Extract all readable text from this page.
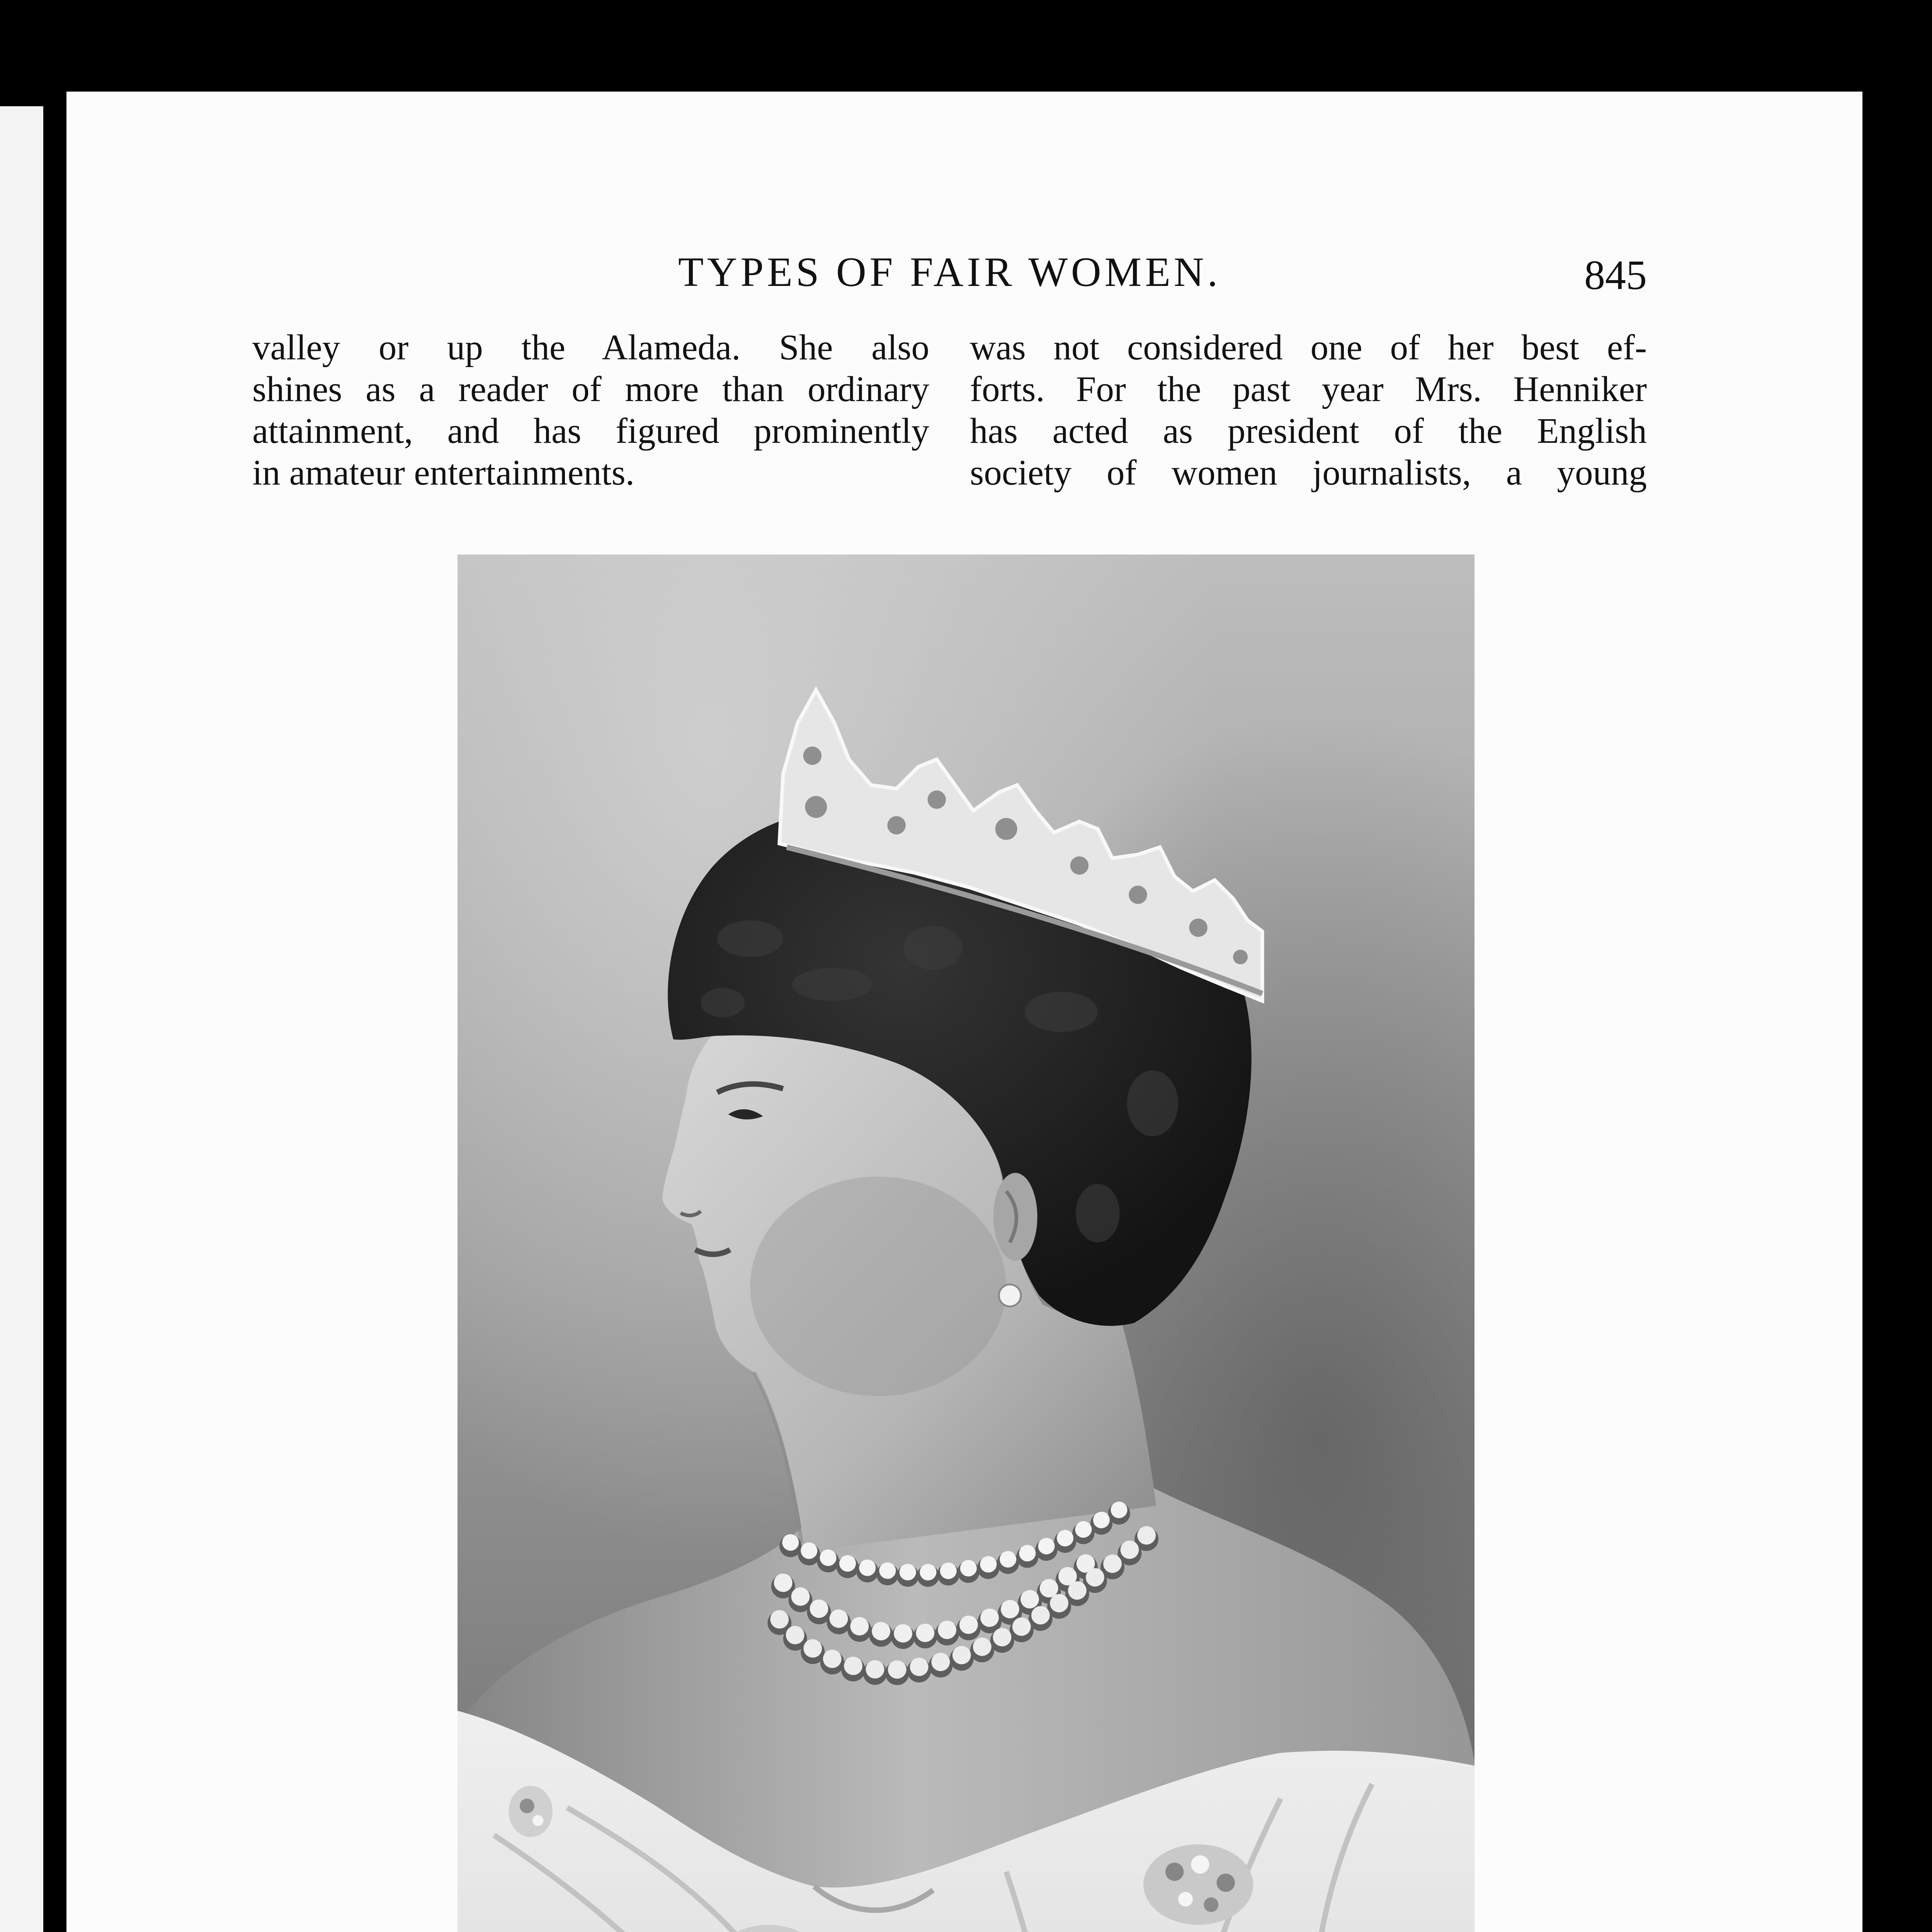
TYPES OF FAIR WOMEN.	845
valley or up the Alameda. She also
shines as a reader of more than ordinary
attainment, and has figured prominently
in amateur entertainments.
was not considered one of her best ef-
forts. For the past year Mrs. Henniker
has acted as president of the English
society of women journalists, a young
